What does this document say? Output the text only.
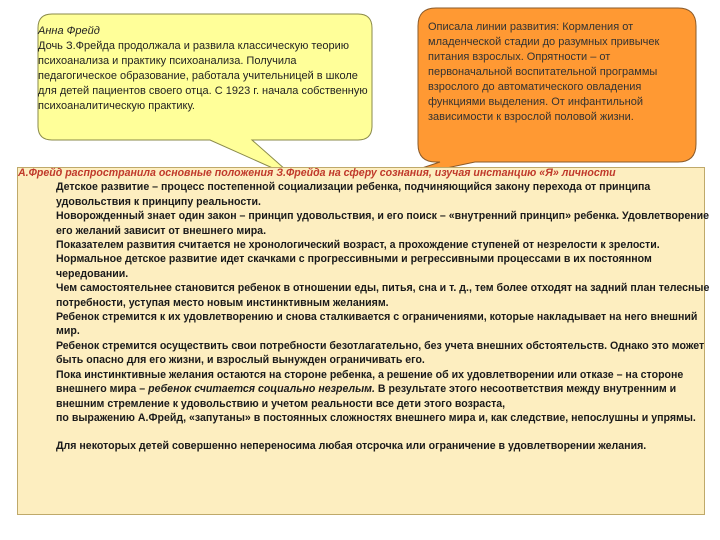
Анна Фрейд
Дочь З.Фрейда продолжала и развила классическую теорию психоанализа и практику психоанализа. Получила педагогическое образование, работала учительницей в школе для детей пациентов своего отца. С 1923 г. начала собственную психоаналитическую практику.
Описала линии развития: Кормления от младенческой стадии до разумных привычек питания взрослых. Опрятности – от первоначальной воспитательной программы взрослого до автоматического овладения функциями выделения. От инфантильной зависимости к взрослой половой жизни.
А.Фрейд распространила основные положения З.Фрейда на сферу сознания, изучая инстанцию «Я» личности
Детское развитие – процесс постепенной социализации ребенка, подчиняющийся закону перехода от принципа удовольствия к принципу реальности.
Новорожденный знает один закон – принцип удовольствия, и его поиск – «внутренний принцип» ребенка. Удовлетворение его желаний зависит от внешнего мира.
Показателем развития считается не хронологический возраст, а прохождение ступеней от незрелости к зрелости. Нормальное детское развитие идет скачками с прогрессивными и регрессивными процессами в их постоянном чередовании.
Чем самостоятельнее становится ребенок в отношении еды, питья, сна и т. д., тем более отходят на задний план телесные потребности, уступая место новым инстинктивным желаниям.
Ребенок стремится к их удовлетворению и снова сталкивается с ограничениями, которые накладывает на него внешний мир.
Ребенок стремится осуществить свои потребности безотлагательно, без учета внешних обстоятельств. Однако это может быть опасно для его жизни, и взрослый вынужден ограничивать его.
Пока инстинктивные желания остаются на стороне ребенка, а решение об их удовлетворении или отказе – на стороне внешнего мира – ребенок считается социально незрелым. В результате этого несоответствия между внутренним и внешним стремление к удовольствию и учетом реальности все дети этого возраста,
по выражению А.Фрейд, «запутаны» в постоянных сложностях внешнего мира и, как следствие, непослушны и упрямы.
Для некоторых детей совершенно непереносима любая отсрочка или ограничение в удовлетворении желания.
